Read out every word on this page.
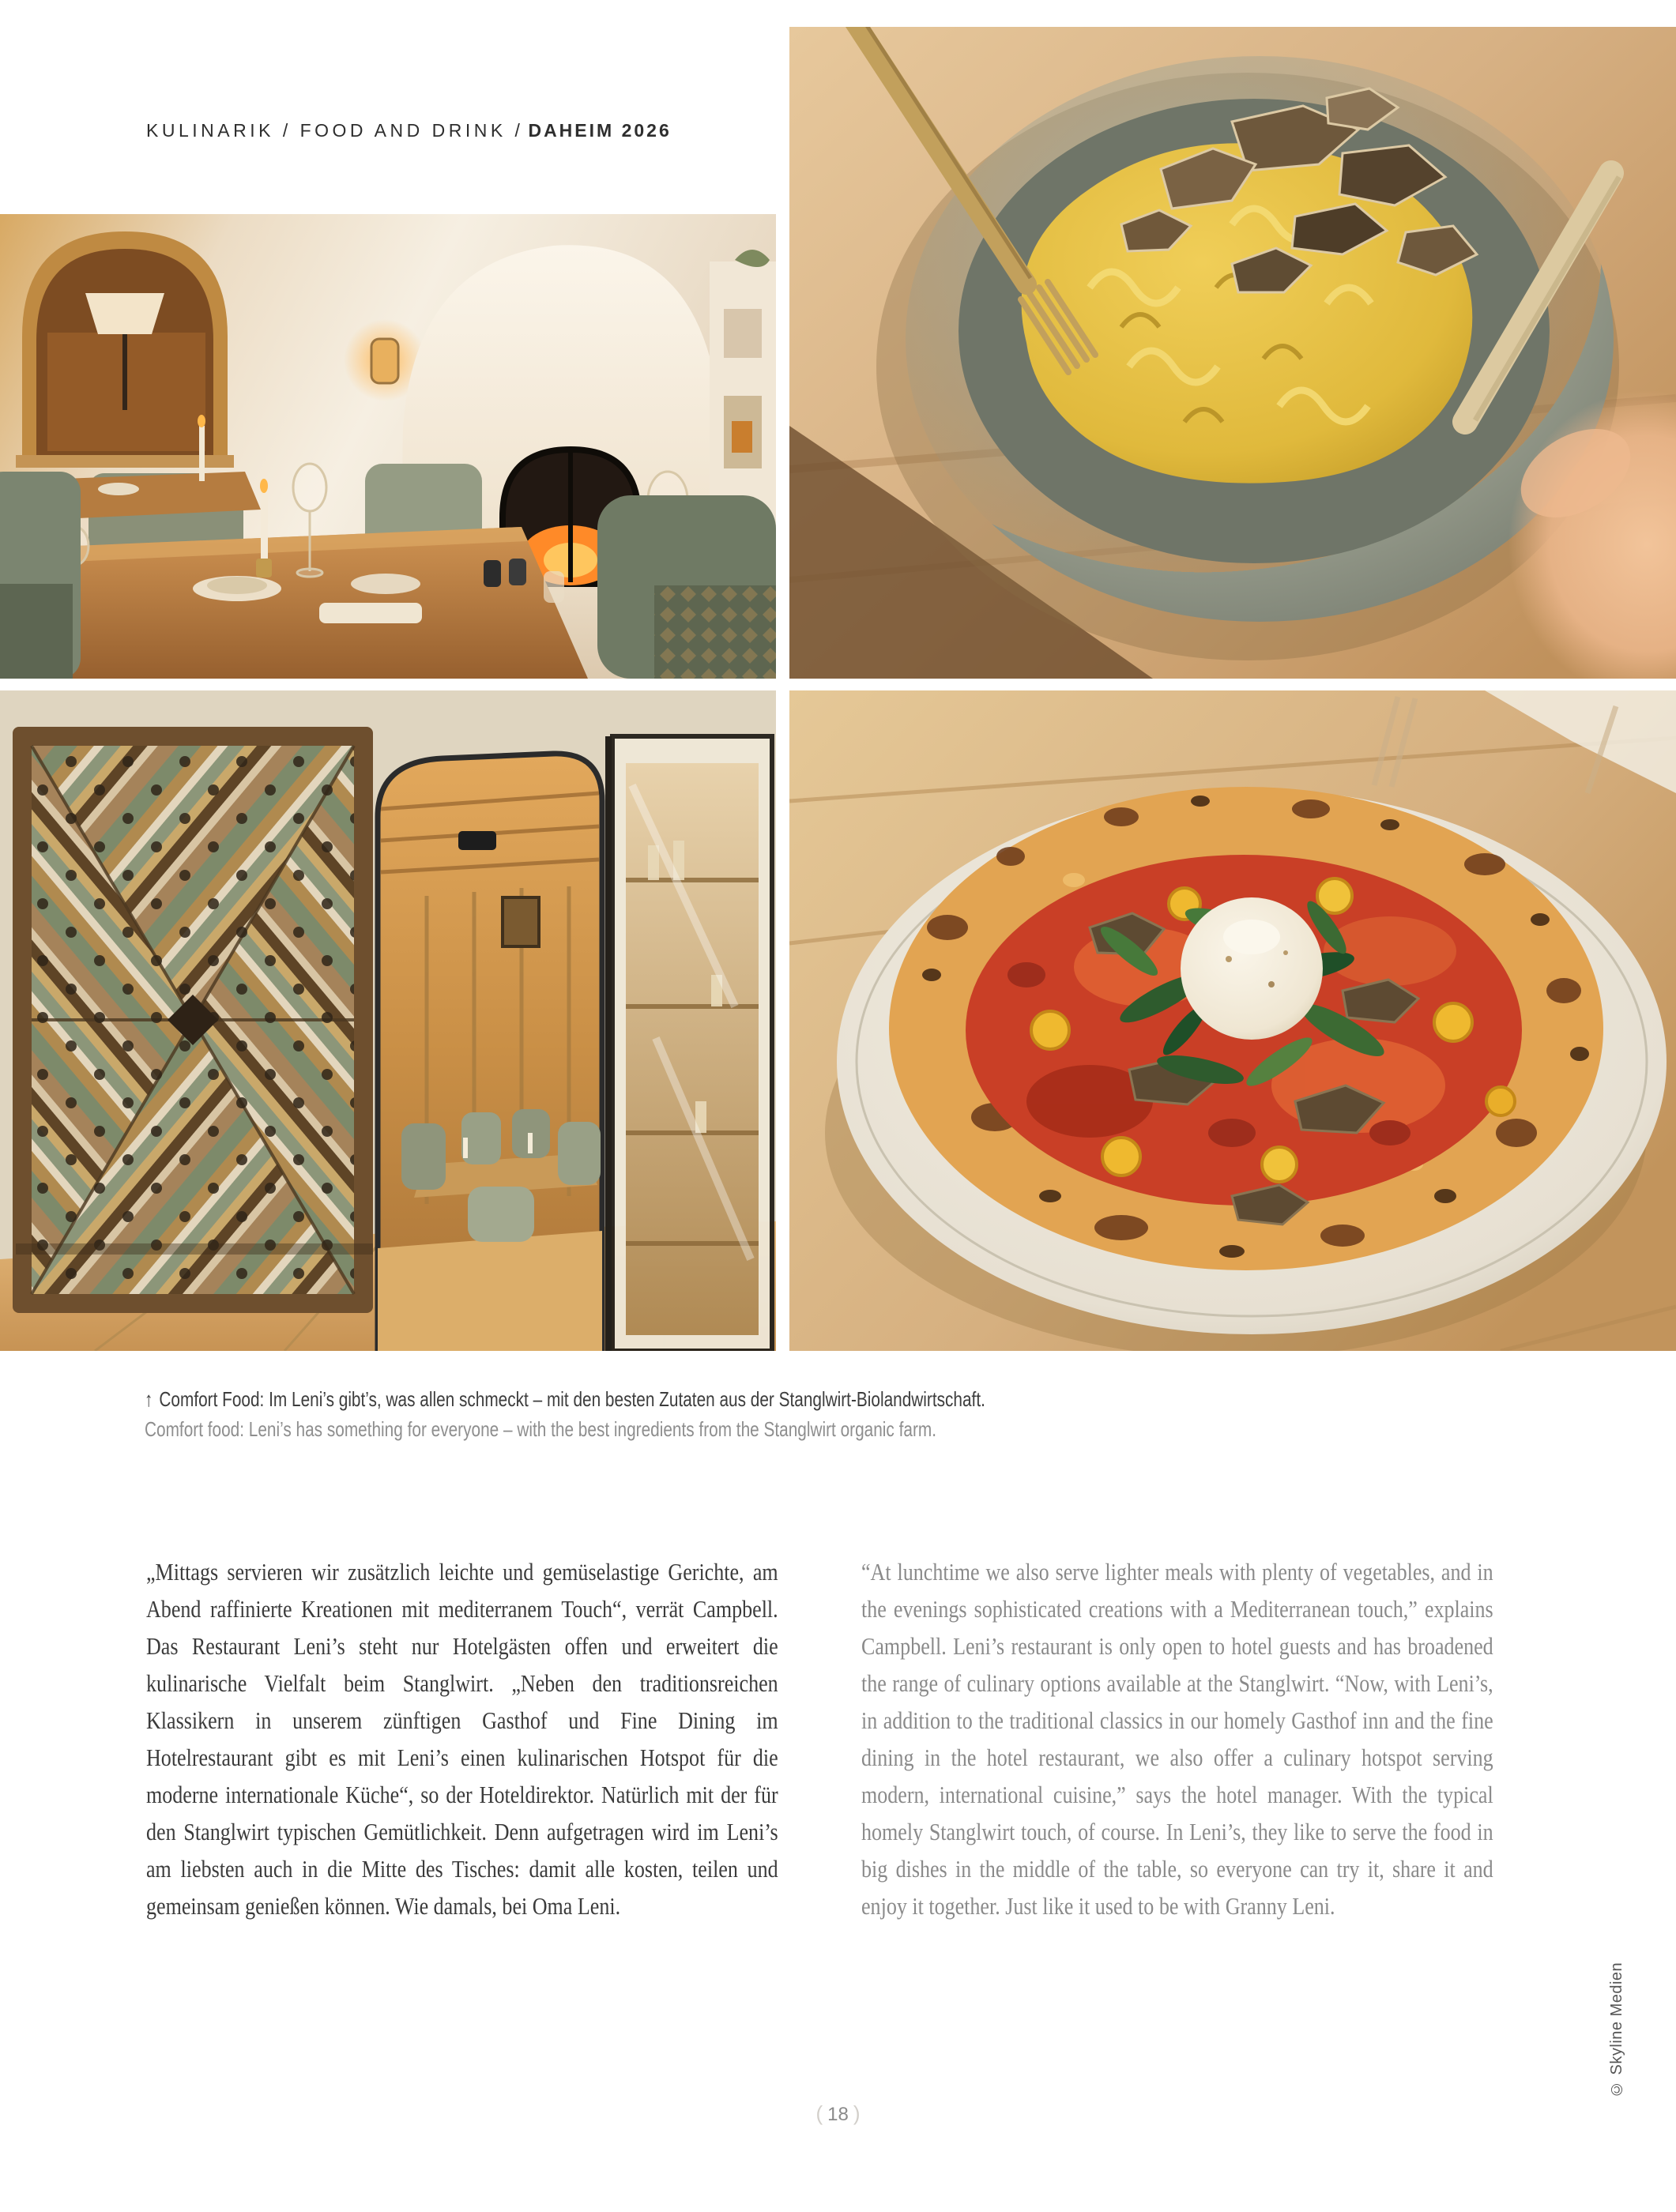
KULINARIK / FOOD AND DRINK / DAHEIM 2026
↑ Comfort Food: Im Leni’s gibt’s, was allen schmeckt – mit den besten Zutaten aus der Stanglwirt-Biolandwirtschaft.
Comfort food: Leni’s has something for everyone – with the best ingredients from the Stanglwirt organic farm.

„Mittags servieren wir zusätzlich leichte und gemüselastige Gerichte, am Abend raffinierte Kreationen mit mediterranem Touch“, verrät Campbell. Das Restaurant Leni’s steht nur Hotelgästen offen und erweitert die kulinarische Vielfalt beim Stanglwirt. „Neben den traditionsreichen Klassikern in unserem zünftigen Gasthof und Fine Dining im Hotelrestaurant gibt es mit Leni’s einen kulinarischen Hotspot für die moderne internationale Küche“, so der Hoteldirektor. Natürlich mit der für den Stanglwirt typischen Gemütlichkeit. Denn aufgetragen wird im Leni’s am liebsten auch in die Mitte des Tisches: damit alle kosten, teilen und gemeinsam genießen können. Wie damals, bei Oma Leni.

“At lunchtime we also serve lighter meals with plenty of vegetables, and in the evenings sophisticated creations with a Mediterranean touch,” explains Campbell. Leni’s restaurant is only open to hotel guests and has broadened the range of culinary options available at the Stanglwirt. “Now, with Leni’s, in addition to the traditional classics in our homely Gasthof inn and the fine dining in the hotel restaurant, we also offer a culinary hotspot serving modern, international cuisine,” says the hotel manager. With the typical homely Stanglwirt touch, of course. In Leni’s, they like to serve the food in big dishes in the middle of the table, so everyone can try it, share it and enjoy it together. Just like it used to be with Granny Leni.

© Skyline Medien
( 18 )
